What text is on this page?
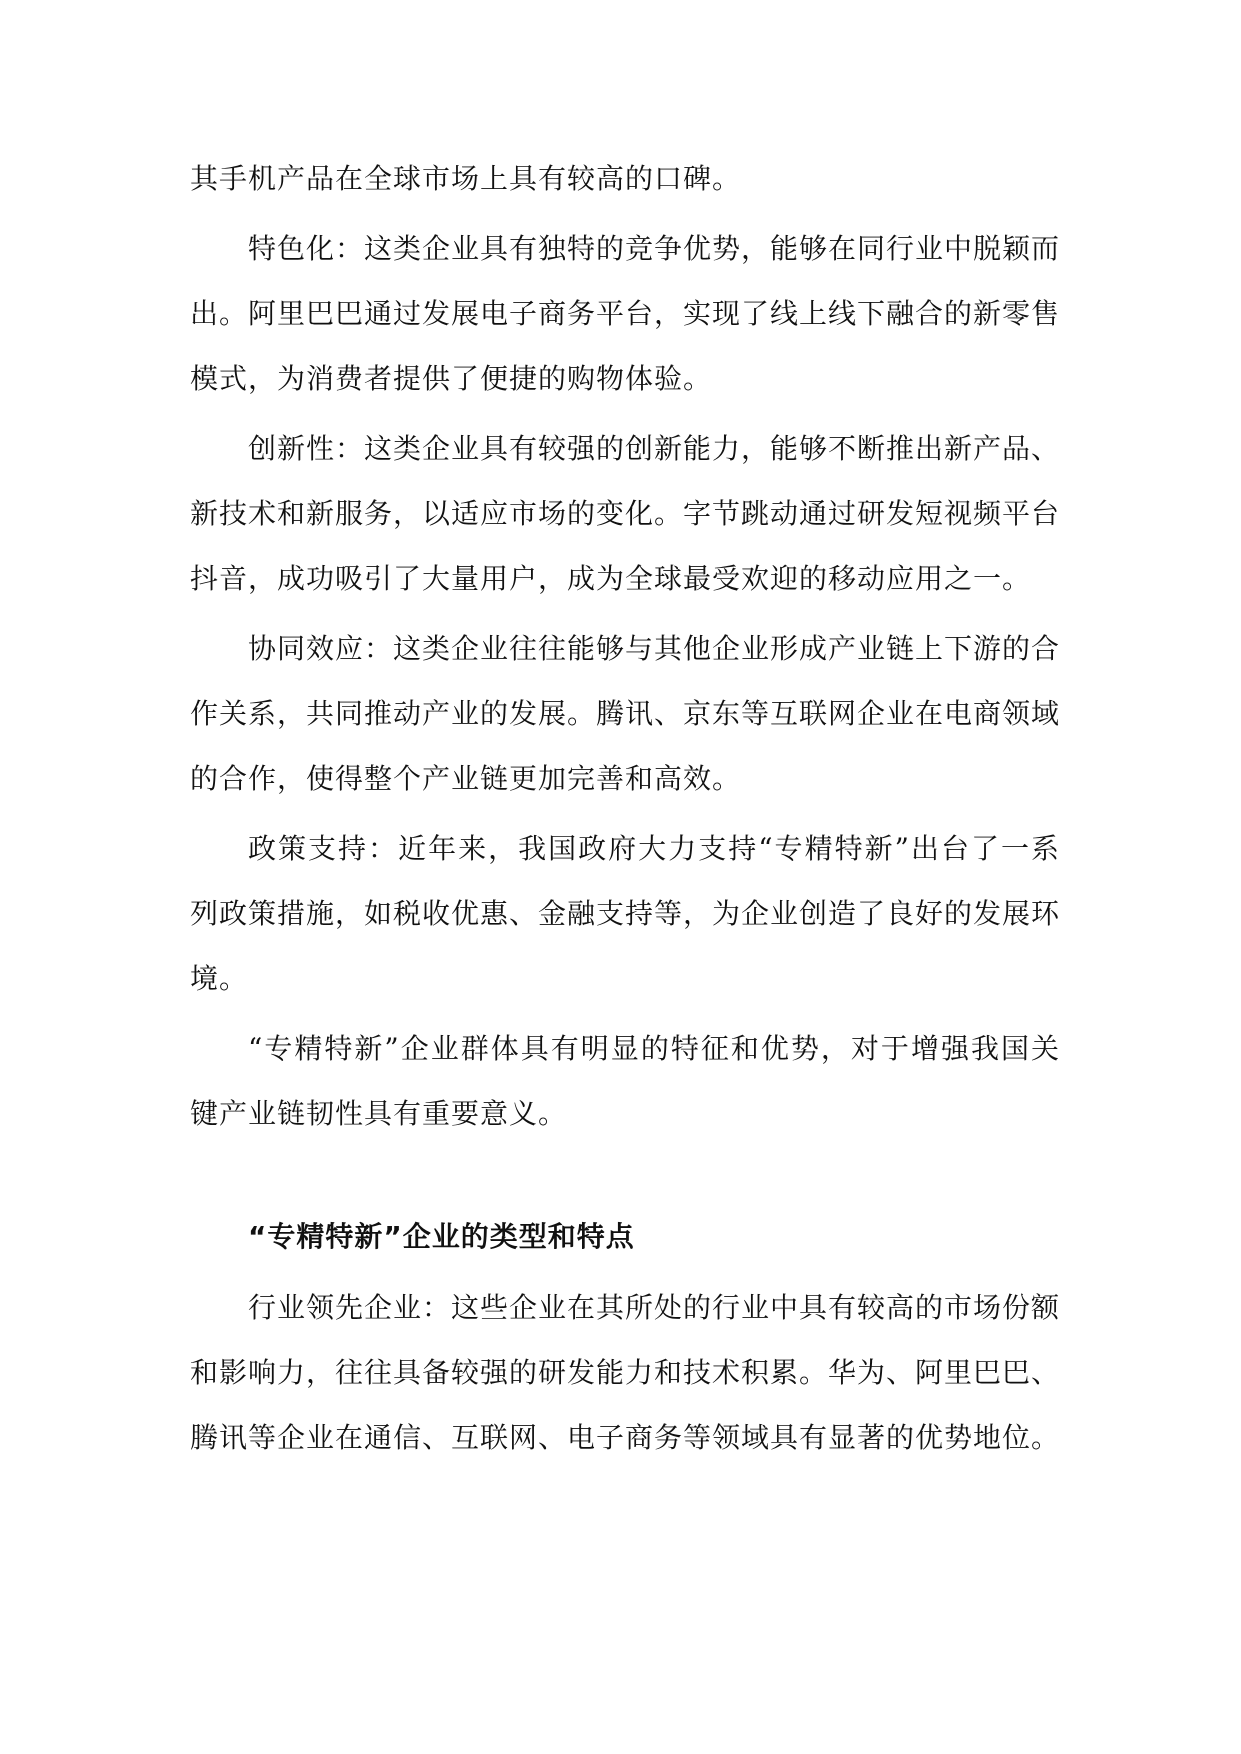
其手机产品在全球市场上具有较高的口碑。

特色化：这类企业具有独特的竞争优势，能够在同行业中脱颖而出。阿里巴巴通过发展电子商务平台，实现了线上线下融合的新零售模式，为消费者提供了便捷的购物体验。

创新性：这类企业具有较强的创新能力，能够不断推出新产品、新技术和新服务，以适应市场的变化。字节跳动通过研发短视频平台抖音，成功吸引了大量用户，成为全球最受欢迎的移动应用之一。

协同效应：这类企业往往能够与其他企业形成产业链上下游的合作关系，共同推动产业的发展。腾讯、京东等互联网企业在电商领域的合作，使得整个产业链更加完善和高效。

政策支持：近年来，我国政府大力支持“专精特新”出台了一系列政策措施，如税收优惠、金融支持等，为企业创造了良好的发展环境。

“专精特新”企业群体具有明显的特征和优势，对于增强我国关键产业链韧性具有重要意义。

“专精特新”企业的类型和特点

行业领先企业：这些企业在其所处的行业中具有较高的市场份额和影响力，往往具备较强的研发能力和技术积累。华为、阿里巴巴、腾讯等企业在通信、互联网、电子商务等领域具有显著的优势地位。
